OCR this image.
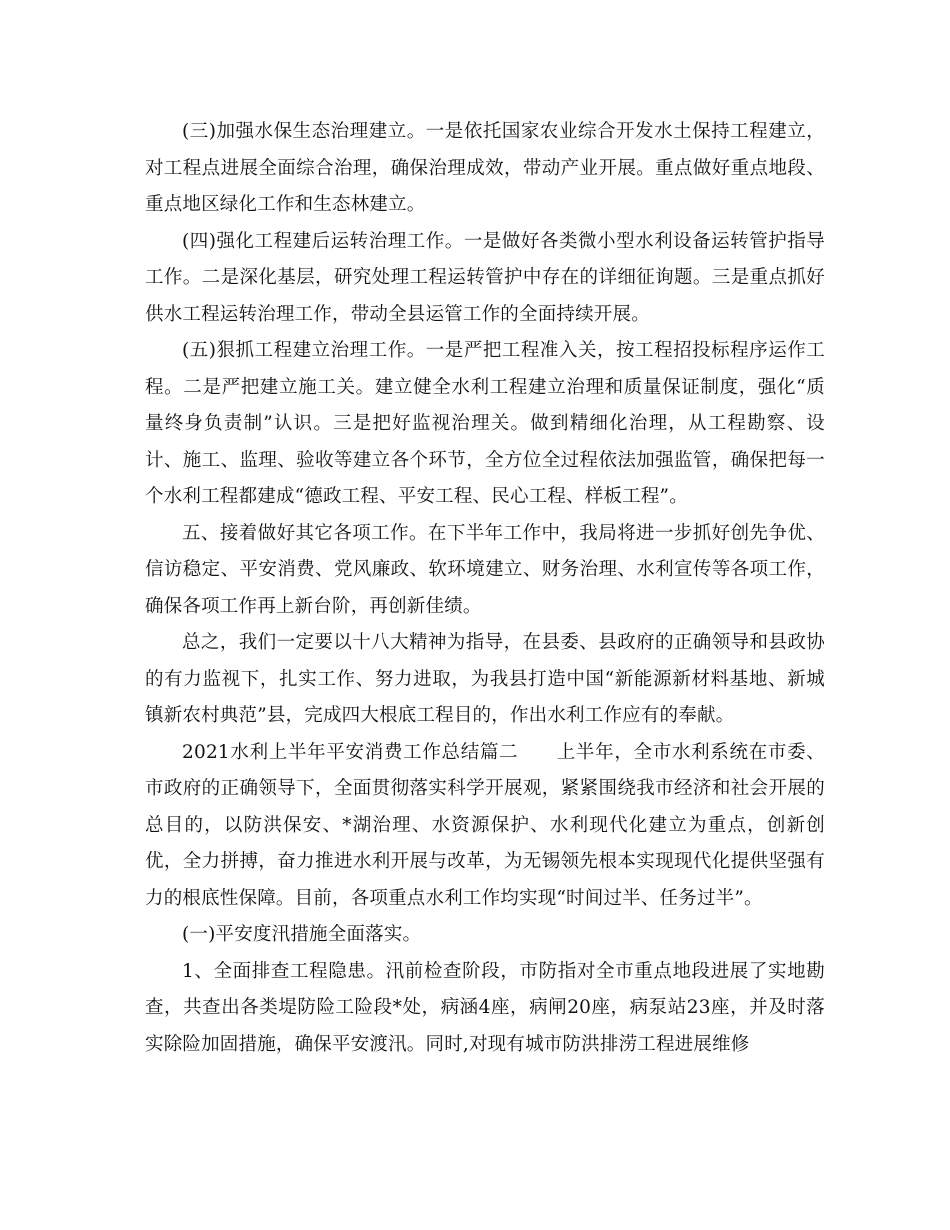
(三)加强水保生态治理建立。一是依托国家农业综合开发水土保持工程建立，对工程点进展全面综合治理，确保治理成效，带动产业开展。重点做好重点地段、重点地区绿化工作和生态林建立。

(四)强化工程建后运转治理工作。一是做好各类微小型水利设备运转管护指导工作。二是深化基层，研究处理工程运转管护中存在的详细征询题。三是重点抓好供水工程运转治理工作，带动全县运管工作的全面持续开展。

(五)狠抓工程建立治理工作。一是严把工程准入关，按工程招投标程序运作工程。二是严把建立施工关。建立健全水利工程建立治理和质量保证制度，强化“质量终身负责制”认识。三是把好监视治理关。做到精细化治理，从工程勘察、设计、施工、监理、验收等建立各个环节，全方位全过程依法加强监管，确保把每一个水利工程都建成“德政工程、平安工程、民心工程、样板工程”。

五、接着做好其它各项工作。在下半年工作中，我局将进一步抓好创先争优、信访稳定、平安消费、党风廉政、软环境建立、财务治理、水利宣传等各项工作，确保各项工作再上新台阶，再创新佳绩。

总之，我们一定要以十八大精神为指导，在县委、县政府的正确领导和县政协的有力监视下，扎实工作、努力进取，为我县打造中国“新能源新材料基地、新城镇新农村典范”县，完成四大根底工程目的，作出水利工作应有的奉献。

2021水利上半年平安消费工作总结篇二　　上半年，全市水利系统在市委、市政府的正确领导下，全面贯彻落实科学开展观，紧紧围绕我市经济和社会开展的总目的，以防洪保安、*湖治理、水资源保护、水利现代化建立为重点，创新创优，全力拼搏，奋力推进水利开展与改革，为无锡领先根本实现现代化提供坚强有力的根底性保障。目前，各项重点水利工作均实现“时间过半、任务过半”。

(一)平安度汛措施全面落实。

1、全面排查工程隐患。汛前检查阶段，市防指对全市重点地段进展了实地勘查，共查出各类堤防险工险段*处，病涵4座，病闸20座，病泵站23座，并及时落实除险加固措施，确保平安渡汛。同时,对现有城市防洪排涝工程进展维修
